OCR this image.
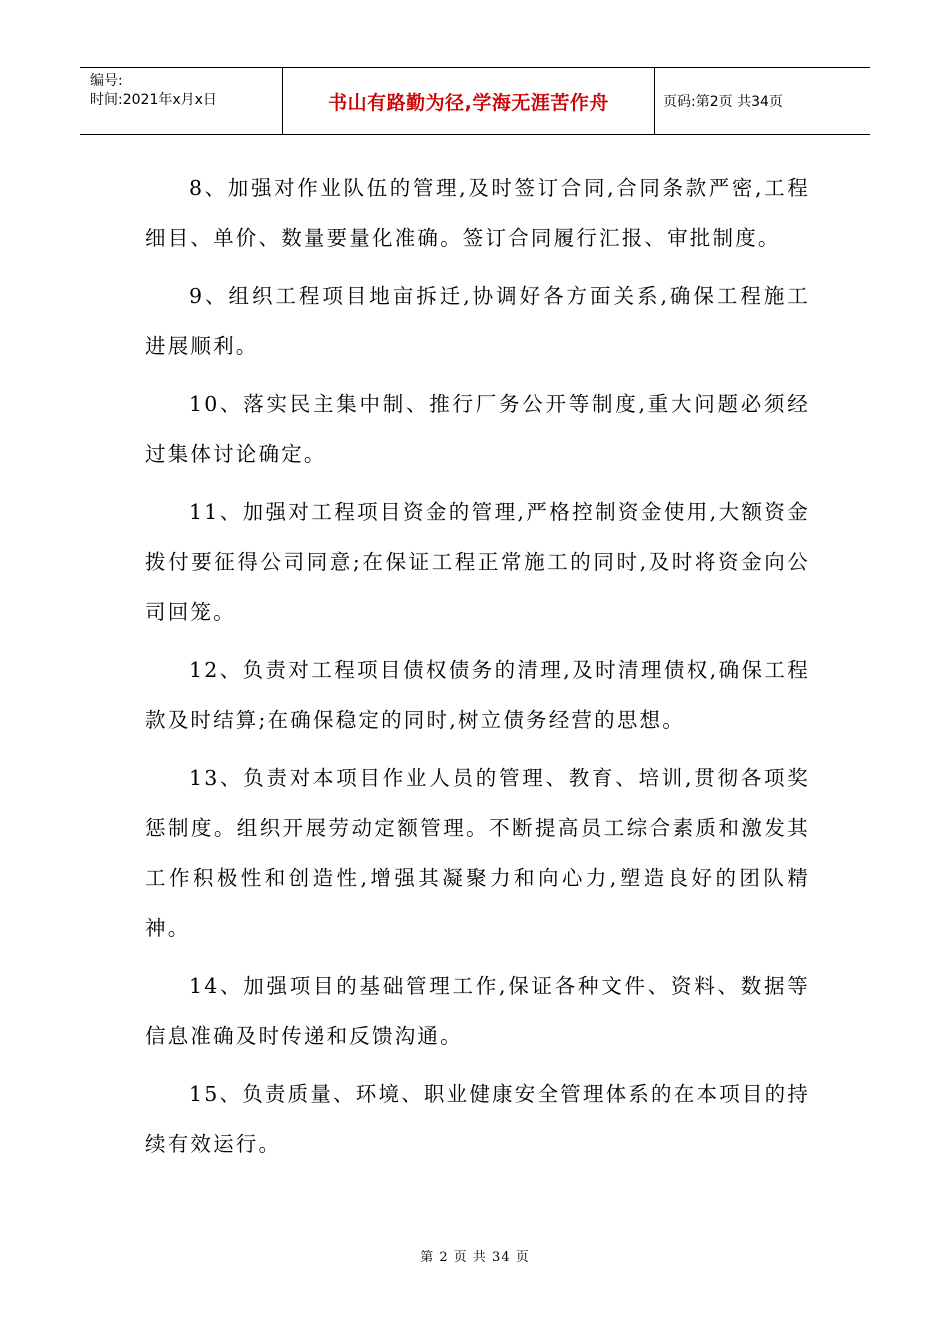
编号:
时间:2021年x月x日	书山有路勤为径,学海无涯苦作舟	页码:第2页 共34页

8、加强对作业队伍的管理,及时签订合同,合同条款严密,工程细目、单价、数量要量化准确。签订合同履行汇报、审批制度。

9、组织工程项目地亩拆迁,协调好各方面关系,确保工程施工进展顺利。

10、落实民主集中制、推行厂务公开等制度,重大问题必须经过集体讨论确定。

11、加强对工程项目资金的管理,严格控制资金使用,大额资金拨付要征得公司同意;在保证工程正常施工的同时,及时将资金向公司回笼。

12、负责对工程项目债权债务的清理,及时清理债权,确保工程款及时结算;在确保稳定的同时,树立债务经营的思想。

13、负责对本项目作业人员的管理、教育、培训,贯彻各项奖惩制度。组织开展劳动定额管理。不断提高员工综合素质和激发其工作积极性和创造性,增强其凝聚力和向心力,塑造良好的团队精神。

14、加强项目的基础管理工作,保证各种文件、资料、数据等信息准确及时传递和反馈沟通。

15、负责质量、环境、职业健康安全管理体系的在本项目的持续有效运行。

第 2 页 共 34 页
